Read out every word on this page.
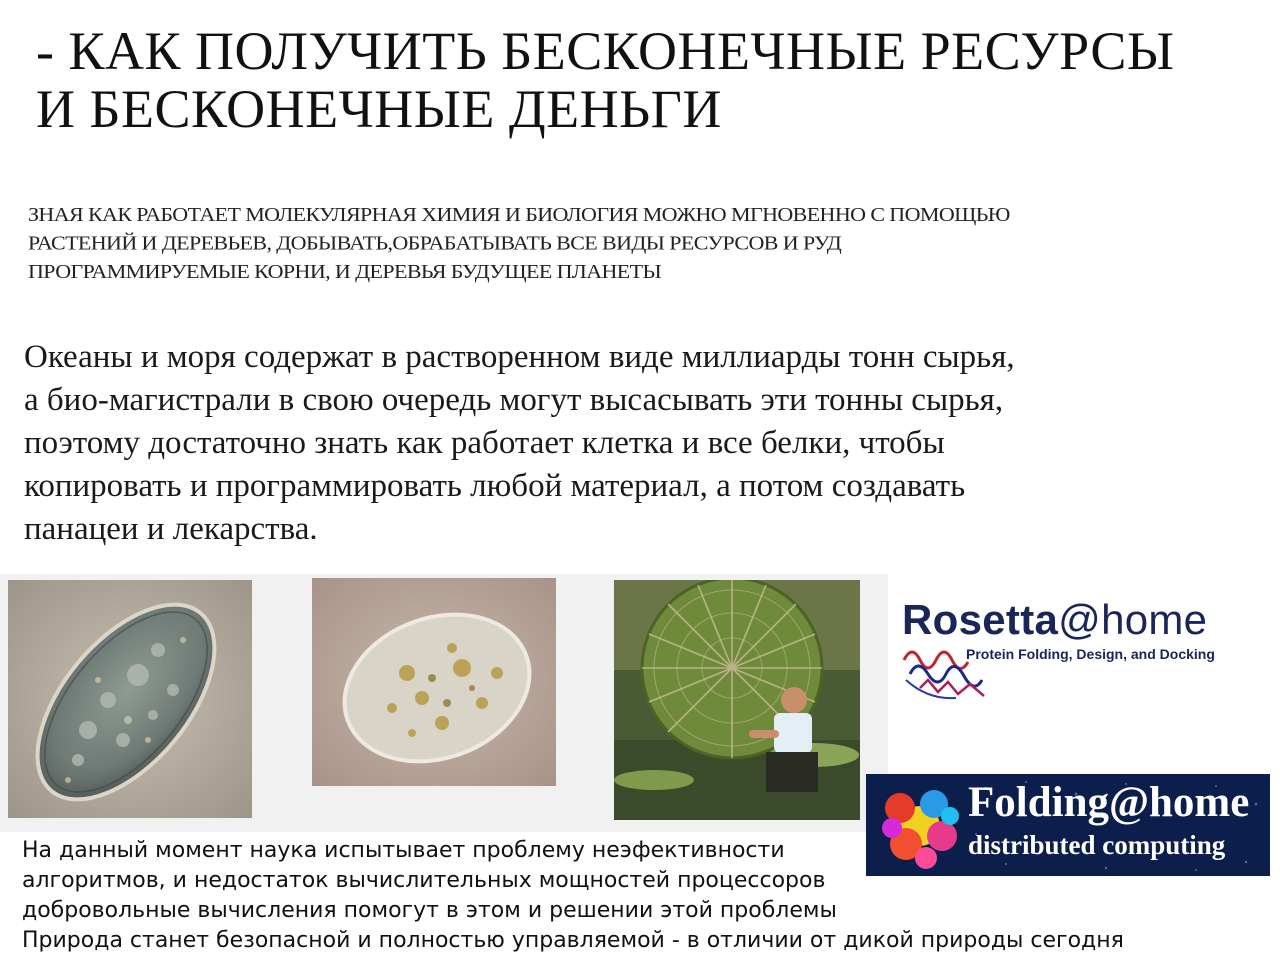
- КАК ПОЛУЧИТЬ БЕСКОНЕЧНЫЕ РЕСУРСЫ
И БЕСКОНЕЧНЫЕ ДЕНЬГИ

ЗНАЯ КАК РАБОТАЕТ МОЛЕКУЛЯРНАЯ ХИМИЯ И БИОЛОГИЯ МОЖНО МГНОВЕННО С ПОМОЩЬЮ
РАСТЕНИЙ И ДЕРЕВЬЕВ, ДОБЫВАТЬ,ОБРАБАТЫВАТЬ ВСЕ ВИДЫ РЕСУРСОВ И РУД
ПРОГРАММИРУЕМЫЕ КОРНИ, И ДЕРЕВЬЯ БУДУЩЕЕ ПЛАНЕТЫ

Океаны и моря содержат в растворенном виде миллиарды тонн сырья,
а био-магистрали в свою очередь могут высасывать эти тонны сырья,
поэтому достаточно знать как работает клетка и все белки, чтобы
копировать и программировать любой материал, а потом создавать
панацеи и лекарства.

Rosetta@home
Protein Folding, Design, and Docking
Folding@home
distributed computing

На данный момент наука испытывает проблему неэфективности
алгоритмов, и недостаток вычислительных мощностей процессоров
добровольные вычисления помогут в этом и решении этой проблемы
Природа станет безопасной и полностью управляемой - в отличии от дикой природы сегодня
